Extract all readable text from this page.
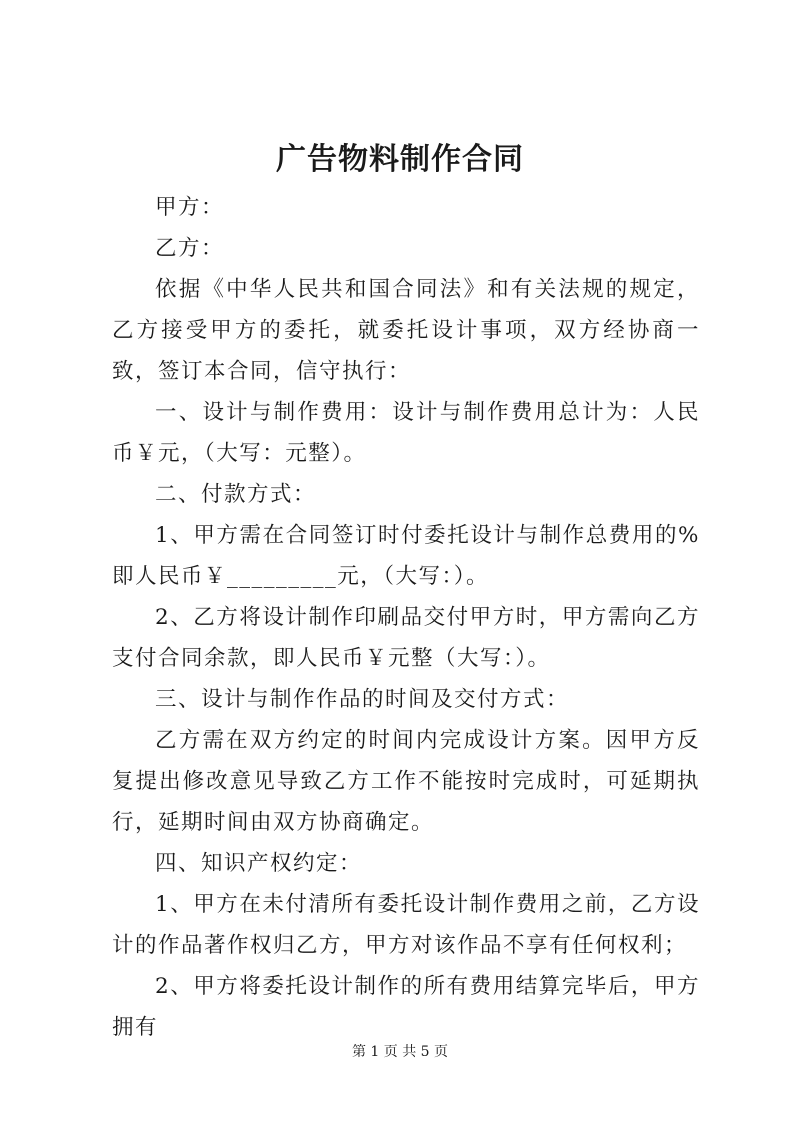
广告物料制作合同

甲方：

乙方：

依据《中华人民共和国合同法》和有关法规的规定，乙方接受甲方的委托，就委托设计事项，双方经协商一致，签订本合同，信守执行：

一、设计与制作费用：设计与制作费用总计为：人民币￥元，（大写：元整）。

二、付款方式：

1、甲方需在合同签订时付委托设计与制作总费用的%即人民币￥_________元，（大写：）。

2、乙方将设计制作印刷品交付甲方时，甲方需向乙方支付合同余款，即人民币￥元整（大写：）。

三、设计与制作作品的时间及交付方式：

乙方需在双方约定的时间内完成设计方案。因甲方反复提出修改意见导致乙方工作不能按时完成时，可延期执行，延期时间由双方协商确定。

四、知识产权约定：

1、甲方在未付清所有委托设计制作费用之前，乙方设计的作品著作权归乙方，甲方对该作品不享有任何权利；

2、甲方将委托设计制作的所有费用结算完毕后，甲方拥有

第 1 页 共 5 页
